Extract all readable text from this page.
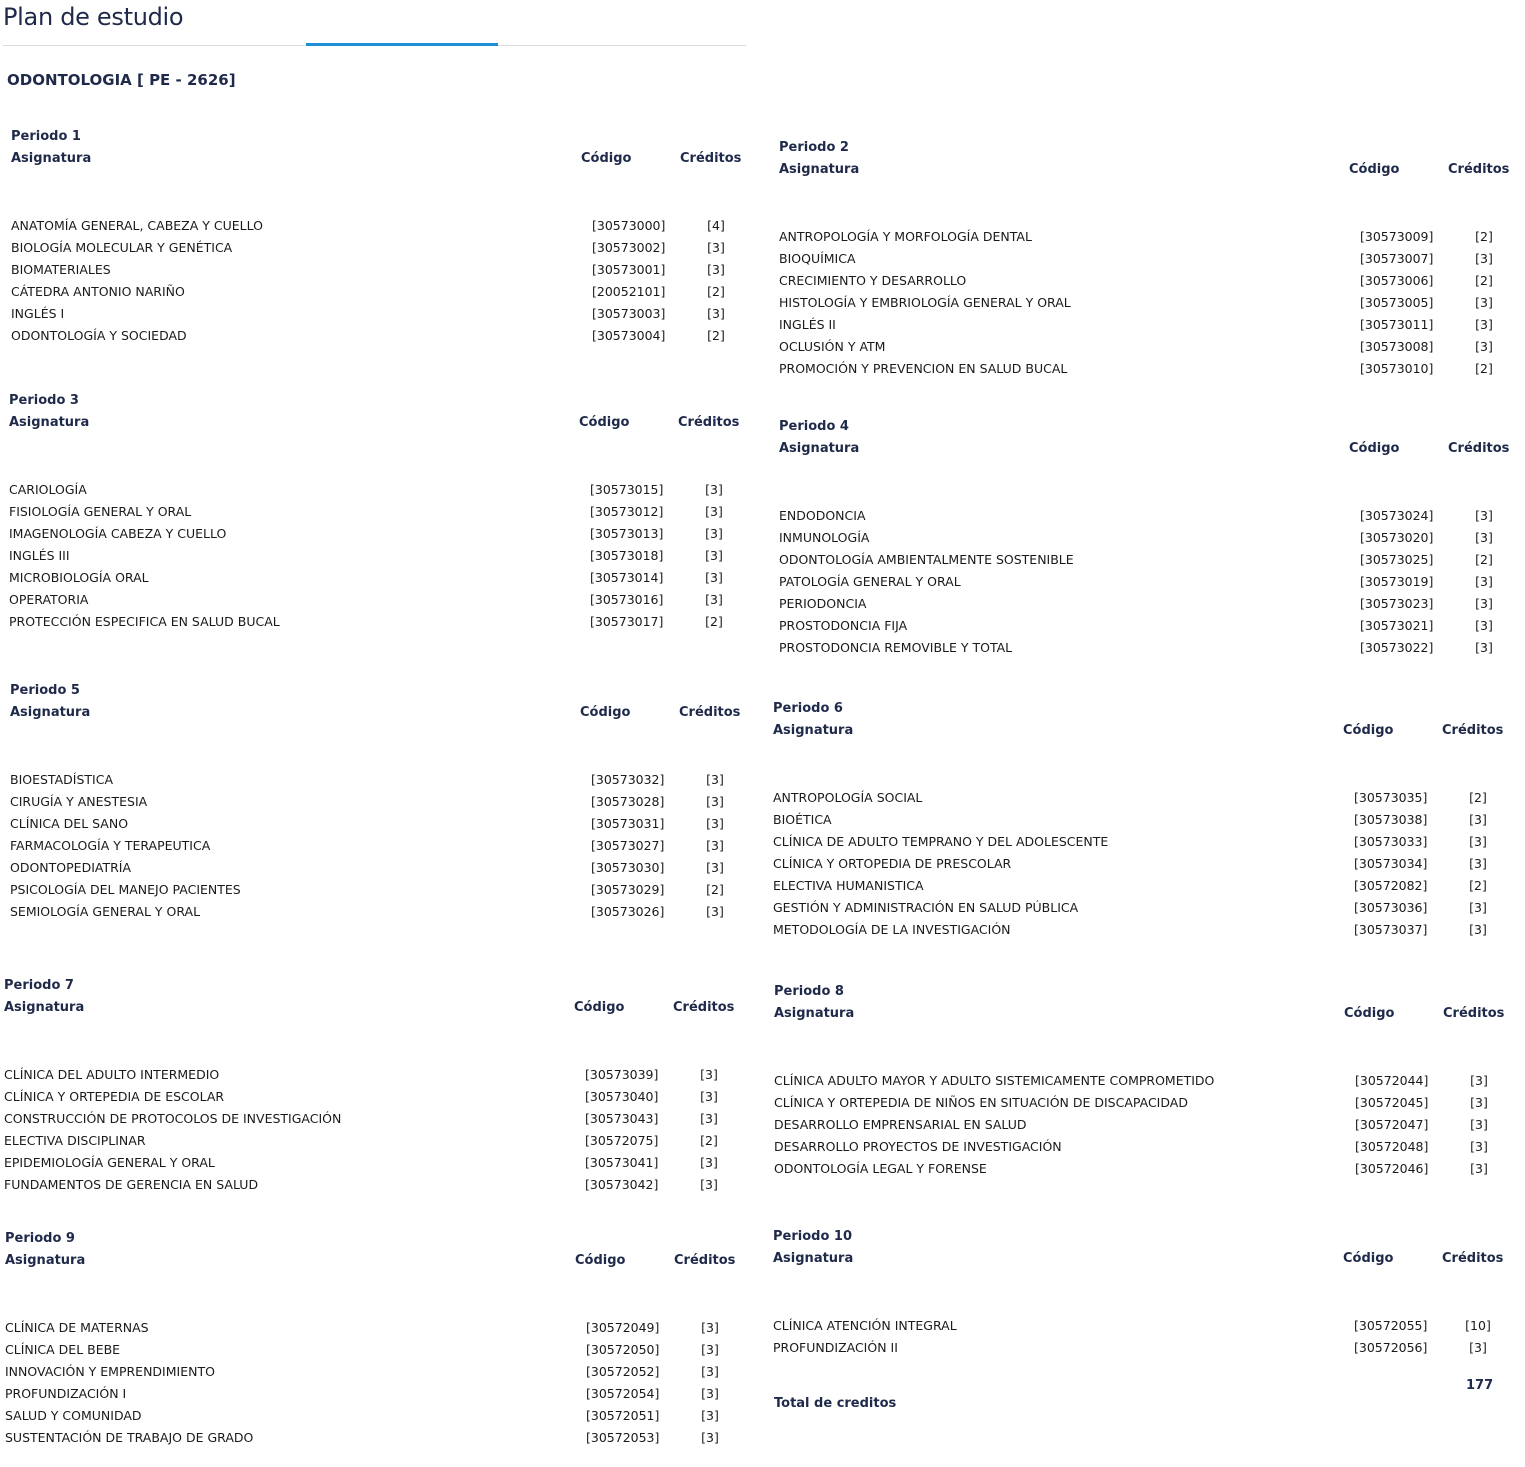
Plan de estudio
ODONTOLOGIA [ PE - 2626]
Periodo 1
Asignatura	Código	Créditos
ANATOMÍA GENERAL, CABEZA Y CUELLO	[30573000]	[4]
BIOLOGÍA MOLECULAR Y GENÉTICA	[30573002]	[3]
BIOMATERIALES	[30573001]	[3]
CÁTEDRA ANTONIO NARIÑO	[20052101]	[2]
INGLÉS I	[30573003]	[3]
ODONTOLOGÍA Y SOCIEDAD	[30573004]	[2]
Periodo 2
Asignatura	Código	Créditos
ANTROPOLOGÍA Y MORFOLOGÍA DENTAL	[30573009]	[2]
BIOQUÍMICA	[30573007]	[3]
CRECIMIENTO Y DESARROLLO	[30573006]	[2]
HISTOLOGÍA Y EMBRIOLOGÍA GENERAL Y ORAL	[30573005]	[3]
INGLÉS II	[30573011]	[3]
OCLUSIÓN Y ATM	[30573008]	[3]
PROMOCIÓN Y PREVENCION EN SALUD BUCAL	[30573010]	[2]
Periodo 3
Asignatura	Código	Créditos
CARIOLOGÍA	[30573015]	[3]
FISIOLOGÍA GENERAL Y ORAL	[30573012]	[3]
IMAGENOLOGÍA CABEZA Y CUELLO	[30573013]	[3]
INGLÉS III	[30573018]	[3]
MICROBIOLOGÍA ORAL	[30573014]	[3]
OPERATORIA	[30573016]	[3]
PROTECCIÓN ESPECIFICA EN SALUD BUCAL	[30573017]	[2]
Periodo 4
Asignatura	Código	Créditos
ENDODONCIA	[30573024]	[3]
INMUNOLOGÍA	[30573020]	[3]
ODONTOLOGÍA AMBIENTALMENTE SOSTENIBLE	[30573025]	[2]
PATOLOGÍA GENERAL Y ORAL	[30573019]	[3]
PERIODONCIA	[30573023]	[3]
PROSTODONCIA FIJA	[30573021]	[3]
PROSTODONCIA REMOVIBLE Y TOTAL	[30573022]	[3]
Periodo 5
Asignatura	Código	Créditos
BIOESTADÍSTICA	[30573032]	[3]
CIRUGÍA Y ANESTESIA	[30573028]	[3]
CLÍNICA DEL SANO	[30573031]	[3]
FARMACOLOGÍA Y TERAPEUTICA	[30573027]	[3]
ODONTOPEDIATRÍA	[30573030]	[3]
PSICOLOGÍA DEL MANEJO PACIENTES	[30573029]	[2]
SEMIOLOGÍA GENERAL Y ORAL	[30573026]	[3]
Periodo 6
Asignatura	Código	Créditos
ANTROPOLOGÍA SOCIAL	[30573035]	[2]
BIOÉTICA	[30573038]	[3]
CLÍNICA DE ADULTO TEMPRANO Y DEL ADOLESCENTE	[30573033]	[3]
CLÍNICA Y ORTOPEDIA DE PRESCOLAR	[30573034]	[3]
ELECTIVA HUMANISTICA	[30572082]	[2]
GESTIÓN Y ADMINISTRACIÓN EN SALUD PÚBLICA	[30573036]	[3]
METODOLOGÍA DE LA INVESTIGACIÓN	[30573037]	[3]
Periodo 7
Asignatura	Código	Créditos
CLÍNICA DEL ADULTO INTERMEDIO	[30573039]	[3]
CLÍNICA Y ORTEPEDIA DE ESCOLAR	[30573040]	[3]
CONSTRUCCIÓN DE PROTOCOLOS DE INVESTIGACIÓN	[30573043]	[3]
ELECTIVA DISCIPLINAR	[30572075]	[2]
EPIDEMIOLOGÍA GENERAL Y ORAL	[30573041]	[3]
FUNDAMENTOS DE GERENCIA EN SALUD	[30573042]	[3]
Periodo 8
Asignatura	Código	Créditos
CLÍNICA ADULTO MAYOR Y ADULTO SISTEMICAMENTE COMPROMETIDO	[30572044]	[3]
CLÍNICA Y ORTEPEDIA DE NIÑOS EN SITUACIÓN DE DISCAPACIDAD	[30572045]	[3]
DESARROLLO EMPRENSARIAL EN SALUD	[30572047]	[3]
DESARROLLO PROYECTOS DE INVESTIGACIÓN	[30572048]	[3]
ODONTOLOGÍA LEGAL Y FORENSE	[30572046]	[3]
Periodo 9
Asignatura	Código	Créditos
CLÍNICA DE MATERNAS	[30572049]	[3]
CLÍNICA DEL BEBE	[30572050]	[3]
INNOVACIÓN Y EMPRENDIMIENTO	[30572052]	[3]
PROFUNDIZACIÓN I	[30572054]	[3]
SALUD Y COMUNIDAD	[30572051]	[3]
SUSTENTACIÓN DE TRABAJO DE GRADO	[30572053]	[3]
Periodo 10
Asignatura	Código	Créditos
CLÍNICA ATENCIÓN INTEGRAL	[30572055]	[10]
PROFUNDIZACIÓN II	[30572056]	[3]
Total de creditos
177
